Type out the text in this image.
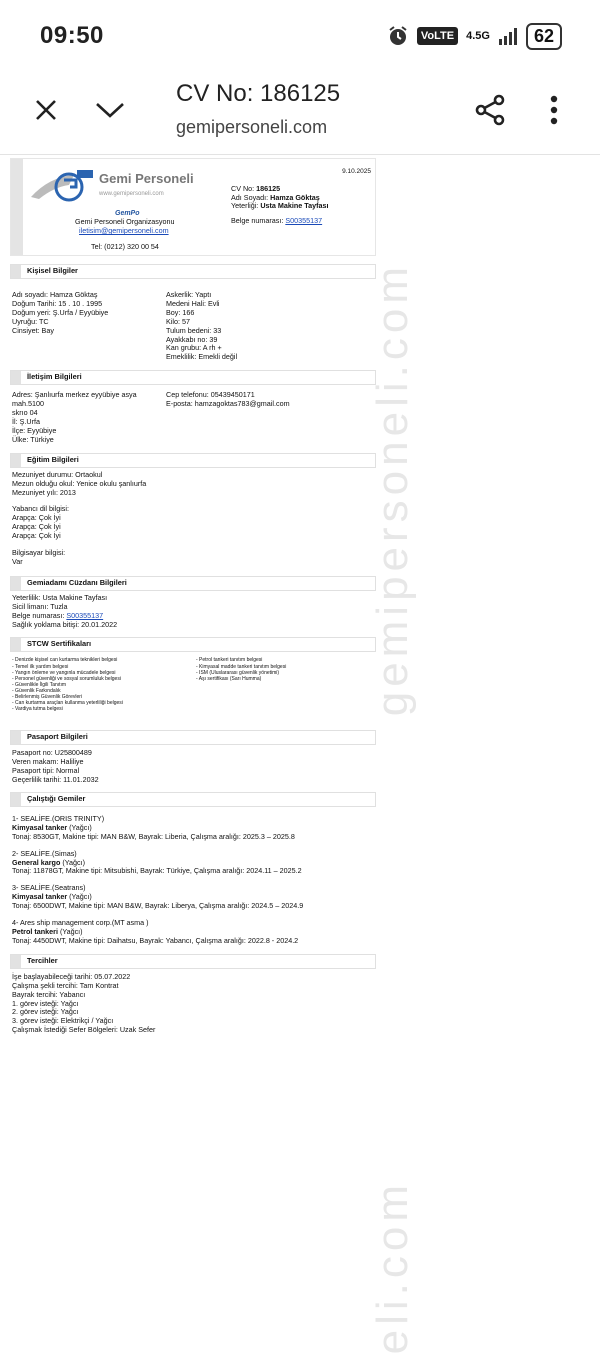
09:50	VoLTE	4.5G	62
CV No: 186125
gemipersoneli.com
gemipersoneli.com
eli.com
Gemi Personeli
www.gemipersoneli.com
GemPo
Gemi Personeli Organizasyonu
iletisim@gemipersoneli.com
Tel: (0212) 320 00 54
9.10.2025
CV No: 186125
Adı Soyadı: Hamza Göktaş
Yeterliği: Usta Makine Tayfası
Belge numarası: S00355137
Kişisel Bilgiler
Adı soyadı: Hamza Göktaş
Doğum Tarihi: 15 . 10 . 1995
Doğum yeri: Ş.Urfa / Eyyübiye
Uyruğu: TC
Cinsiyet: Bay
Askerlik: Yaptı
Medeni Hali: Evli
Boy: 166
Kilo: 57
Tulum bedeni: 33
Ayakkabı no: 39
Kan grubu: A rh +
Emeklilik: Emekli değil
İletişim Bilgileri
Adres: Şanlıurfa merkez eyyübiye asya mah.5100
skrıo 04
İl: Ş.Urfa
İlçe: Eyyübiye
Ülke: Türkiye
Cep telefonu: 05439450171
E-posta: hamzagoktas783@gmail.com
Eğitim Bilgileri
Mezuniyet durumu: Ortaokul
Mezun olduğu okul: Yenice okulu şanlıurfa
Mezuniyet yılı: 2013
Yabancı dil bilgisi:
Arapça: Çok İyi
Arapça: Çok İyi
Arapça: Çok İyi
Bilgisayar bilgisi:
Var
Gemiadamı Cüzdanı Bilgileri
Yeterlilik: Usta Makine Tayfası
Sicil limanı: Tuzla
Belge numarası: S00355137
Sağlık yoklama bitişi: 20.01.2022
STCW Sertifikaları
- Denizde kişisel can kurtarma teknikleri belgesi
- Temel ilk yardım belgesi
- Yangın önleme ve yangınla mücadele belgesi
- Personel güvenliği ve sosyal sorumluluk belgesi
- Güvenlikle İlgili Tanıtım
- Güvenlik Farkındalık
- Belirlenmiş Güvenlik Görevleri
- Can kurtarma araçları kullanma yeterliliği belgesi
- Vardiya tutma belgesi
- Petrol tankeri tanıtım belgesi
- Kimyasal madde tankeri tanıtım belgesi
- ISM (Uluslararası güvenlik yönetimi)
- Aşı sertifikası (Sarı Humma)
Pasaport Bilgileri
Pasaport no: U25800489
Veren makam: Haliliye
Pasaport tipi: Normal
Geçerlilik tarihi: 11.01.2032
Çalıştığı Gemiler
1- SEALİFE.(ORIS TRINITY)
Kimyasal tanker (Yağcı)
Tonaj: 8530GT, Makine tipi: MAN B&W, Bayrak: Liberia, Çalışma aralığı: 2025.3 – 2025.8
2- SEALİFE.(Simas)
General kargo (Yağcı)
Tonaj: 11878GT, Makine tipi: Mitsubishi, Bayrak: Türkiye, Çalışma aralığı: 2024.11 – 2025.2
3- SEALİFE.(Seatrans)
Kimyasal tanker (Yağcı)
Tonaj: 6500DWT, Makine tipi: MAN B&W, Bayrak: Liberya, Çalışma aralığı: 2024.5 – 2024.9
4- Ares ship management corp.(MT asma )
Petrol tankeri (Yağcı)
Tonaj: 4450DWT, Makine tipi: Daihatsu, Bayrak: Yabancı, Çalışma aralığı: 2022.8 - 2024.2
Tercihler
İşe başlayabileceği tarihi: 05.07.2022
Çalışma şekli tercihi: Tam Kontrat
Bayrak tercihi: Yabancı
1. görev isteği: Yağcı
2. görev isteği: Yağcı
3. görev isteği: Elektrikçi / Yağcı
Çalışmak İstediği Sefer Bölgeleri: Uzak Sefer
